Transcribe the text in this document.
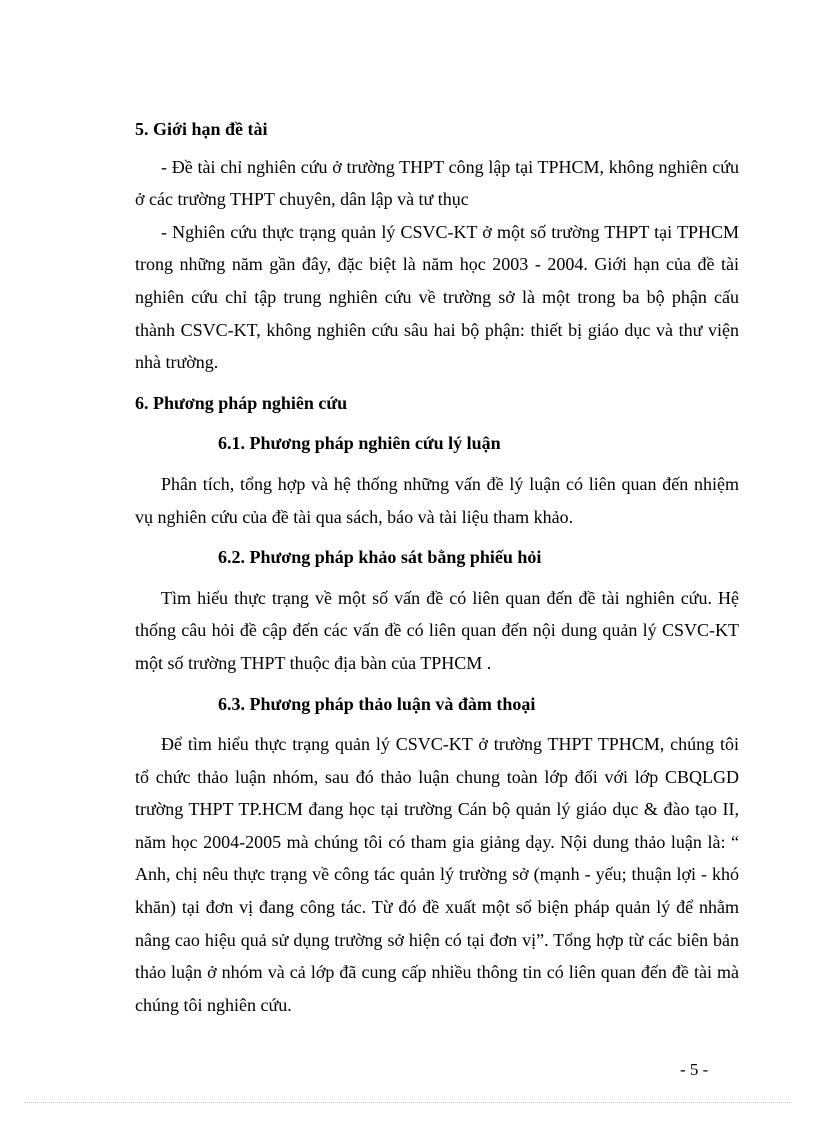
5. Giới hạn đề tài

- Đề tài chỉ nghiên cứu ở trường THPT công lập tại TPHCM, không nghiên cứu ở các trường THPT chuyên, dân lập và tư thục

- Nghiên cứu thực trạng quản lý CSVC-KT ở một số trường THPT tại TPHCM trong những năm gần đây, đặc biệt là năm học 2003 - 2004. Giới hạn của đề tài nghiên cứu chỉ tập trung nghiên cứu về trường sở là một trong ba bộ phận cấu thành CSVC-KT, không nghiên cứu sâu hai bộ phận: thiết bị giáo dục và thư viện nhà trường.

6. Phương pháp nghiên cứu

6.1. Phương pháp nghiên cứu lý luận

Phân tích, tổng hợp và hệ thống những vấn đề lý luận có liên quan đến nhiệm vụ nghiên cứu của đề tài qua sách, báo và tài liệu tham khảo.

6.2. Phương pháp khảo sát bằng phiếu hỏi

Tìm hiểu thực trạng về một số vấn đề có liên quan đến đề tài nghiên cứu. Hệ thống câu hỏi đề cập đến các vấn đề có liên quan đến nội dung quản lý CSVC-KT một số trường THPT thuộc địa bàn của TPHCM .

6.3. Phương pháp thảo luận và đàm thoại

Để tìm hiểu thực trạng quản lý CSVC-KT ở trường THPT TPHCM, chúng tôi tổ chức thảo luận nhóm, sau đó thảo luận chung toàn lớp đối với lớp CBQLGD trường THPT TP.HCM đang học tại trường Cán bộ quản lý giáo dục & đào tạo II, năm học 2004-2005 mà chúng tôi có tham gia giảng dạy. Nội dung thảo luận là: “ Anh, chị nêu thực trạng về công tác quản lý trường sở (mạnh - yếu; thuận lợi - khó khăn) tại đơn vị đang công tác. Từ đó đề xuất một số biện pháp quản lý để nhằm nâng cao hiệu quả sử dụng trường sở hiện có tại đơn vị”. Tổng hợp từ các biên bản thảo luận ở nhóm và cả lớp đã cung cấp nhiều thông tin có liên quan đến đề tài mà chúng tôi nghiên cứu.

- 5 -
